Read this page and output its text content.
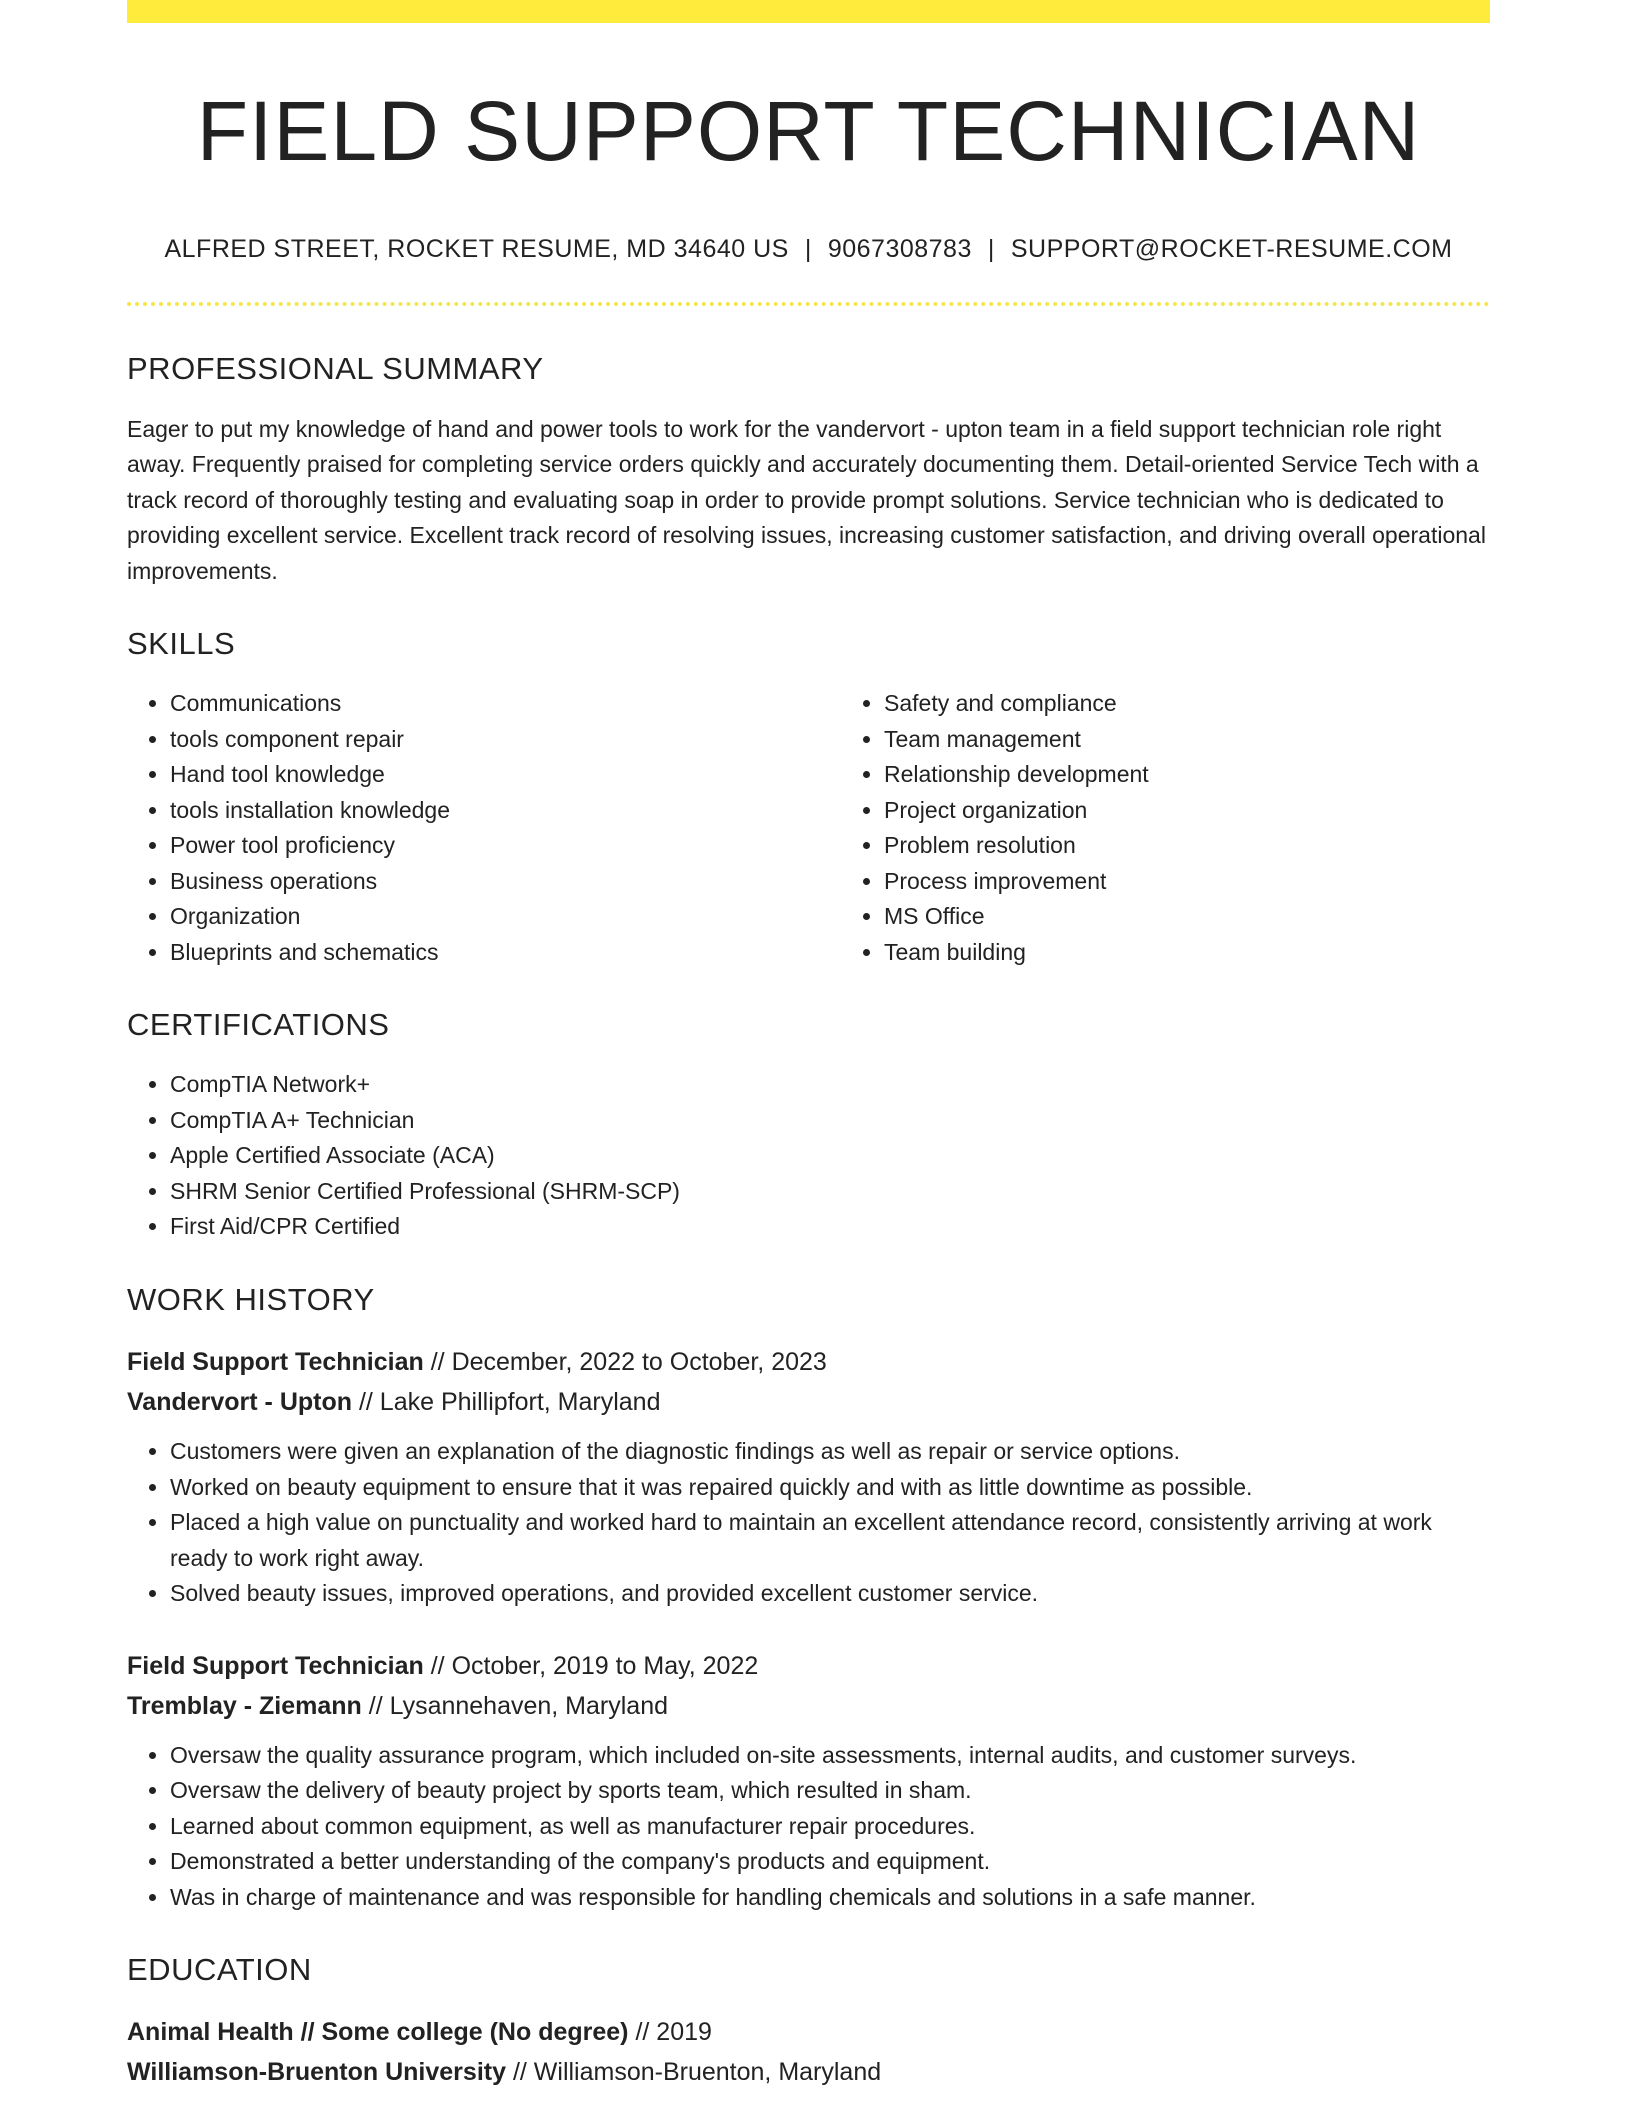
FIELD SUPPORT TECHNICIAN
ALFRED STREET, ROCKET RESUME, MD 34640 US | 9067308783 | SUPPORT@ROCKET-RESUME.COM
PROFESSIONAL SUMMARY
Eager to put my knowledge of hand and power tools to work for the vandervort - upton team in a field support technician role right away. Frequently praised for completing service orders quickly and accurately documenting them. Detail-oriented Service Tech with a track record of thoroughly testing and evaluating soap in order to provide prompt solutions. Service technician who is dedicated to providing excellent service. Excellent track record of resolving issues, increasing customer satisfaction, and driving overall operational improvements.
SKILLS
• Communications
• tools component repair
• Hand tool knowledge
• tools installation knowledge
• Power tool proficiency
• Business operations
• Organization
• Blueprints and schematics
• Safety and compliance
• Team management
• Relationship development
• Project organization
• Problem resolution
• Process improvement
• MS Office
• Team building
CERTIFICATIONS
• CompTIA Network+
• CompTIA A+ Technician
• Apple Certified Associate (ACA)
• SHRM Senior Certified Professional (SHRM-SCP)
• First Aid/CPR Certified
WORK HISTORY
Field Support Technician // December, 2022 to October, 2023
Vandervort - Upton // Lake Phillipfort, Maryland
• Customers were given an explanation of the diagnostic findings as well as repair or service options.
• Worked on beauty equipment to ensure that it was repaired quickly and with as little downtime as possible.
• Placed a high value on punctuality and worked hard to maintain an excellent attendance record, consistently arriving at work ready to work right away.
• Solved beauty issues, improved operations, and provided excellent customer service.
Field Support Technician // October, 2019 to May, 2022
Tremblay - Ziemann // Lysannehaven, Maryland
• Oversaw the quality assurance program, which included on-site assessments, internal audits, and customer surveys.
• Oversaw the delivery of beauty project by sports team, which resulted in sham.
• Learned about common equipment, as well as manufacturer repair procedures.
• Demonstrated a better understanding of the company's products and equipment.
• Was in charge of maintenance and was responsible for handling chemicals and solutions in a safe manner.
EDUCATION
Animal Health // Some college (No degree) // 2019
Williamson-Bruenton University // Williamson-Bruenton, Maryland
